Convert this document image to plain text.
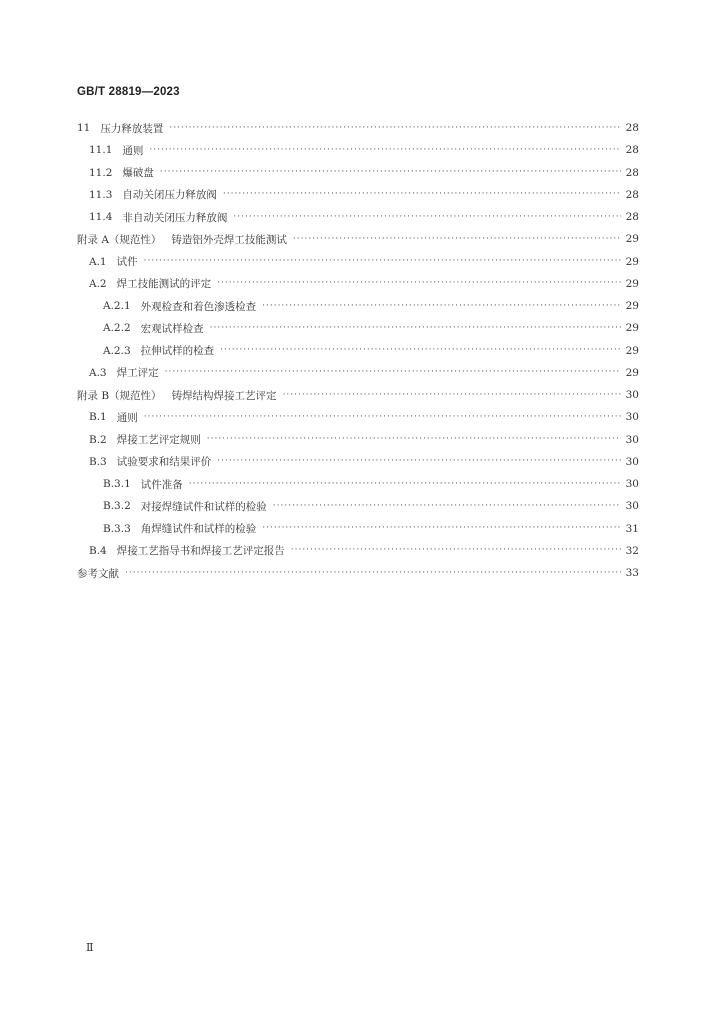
GB/T 28819—2023
11 压力释放装置 ·····	28
11.1 通则 ·····	28
11.2 爆破盘 ·····	28
11.3 自动关闭压力释放阀 ·····	28
11.4 非自动关闭压力释放阀 ·····	28
附录 A（规范性） 铸造铝外壳焊工技能测试 ·····	29
A.1 试件 ·····	29
A.2 焊工技能测试的评定 ·····	29
A.2.1 外观检查和着色渗透检查 ·····	29
A.2.2 宏观试样检查 ·····	29
A.2.3 拉伸试样的检查 ·····	29
A.3 焊工评定 ·····	29
附录 B（规范性） 铸焊结构焊接工艺评定 ·····	30
B.1 通则 ·····	30
B.2 焊接工艺评定规则 ·····	30
B.3 试验要求和结果评价 ·····	30
B.3.1 试件准备 ·····	30
B.3.2 对接焊缝试件和试样的检验 ·····	30
B.3.3 角焊缝试件和试样的检验 ·····	31
B.4 焊接工艺指导书和焊接工艺评定报告 ·····	32
参考文献 ·····	33
Ⅱ
